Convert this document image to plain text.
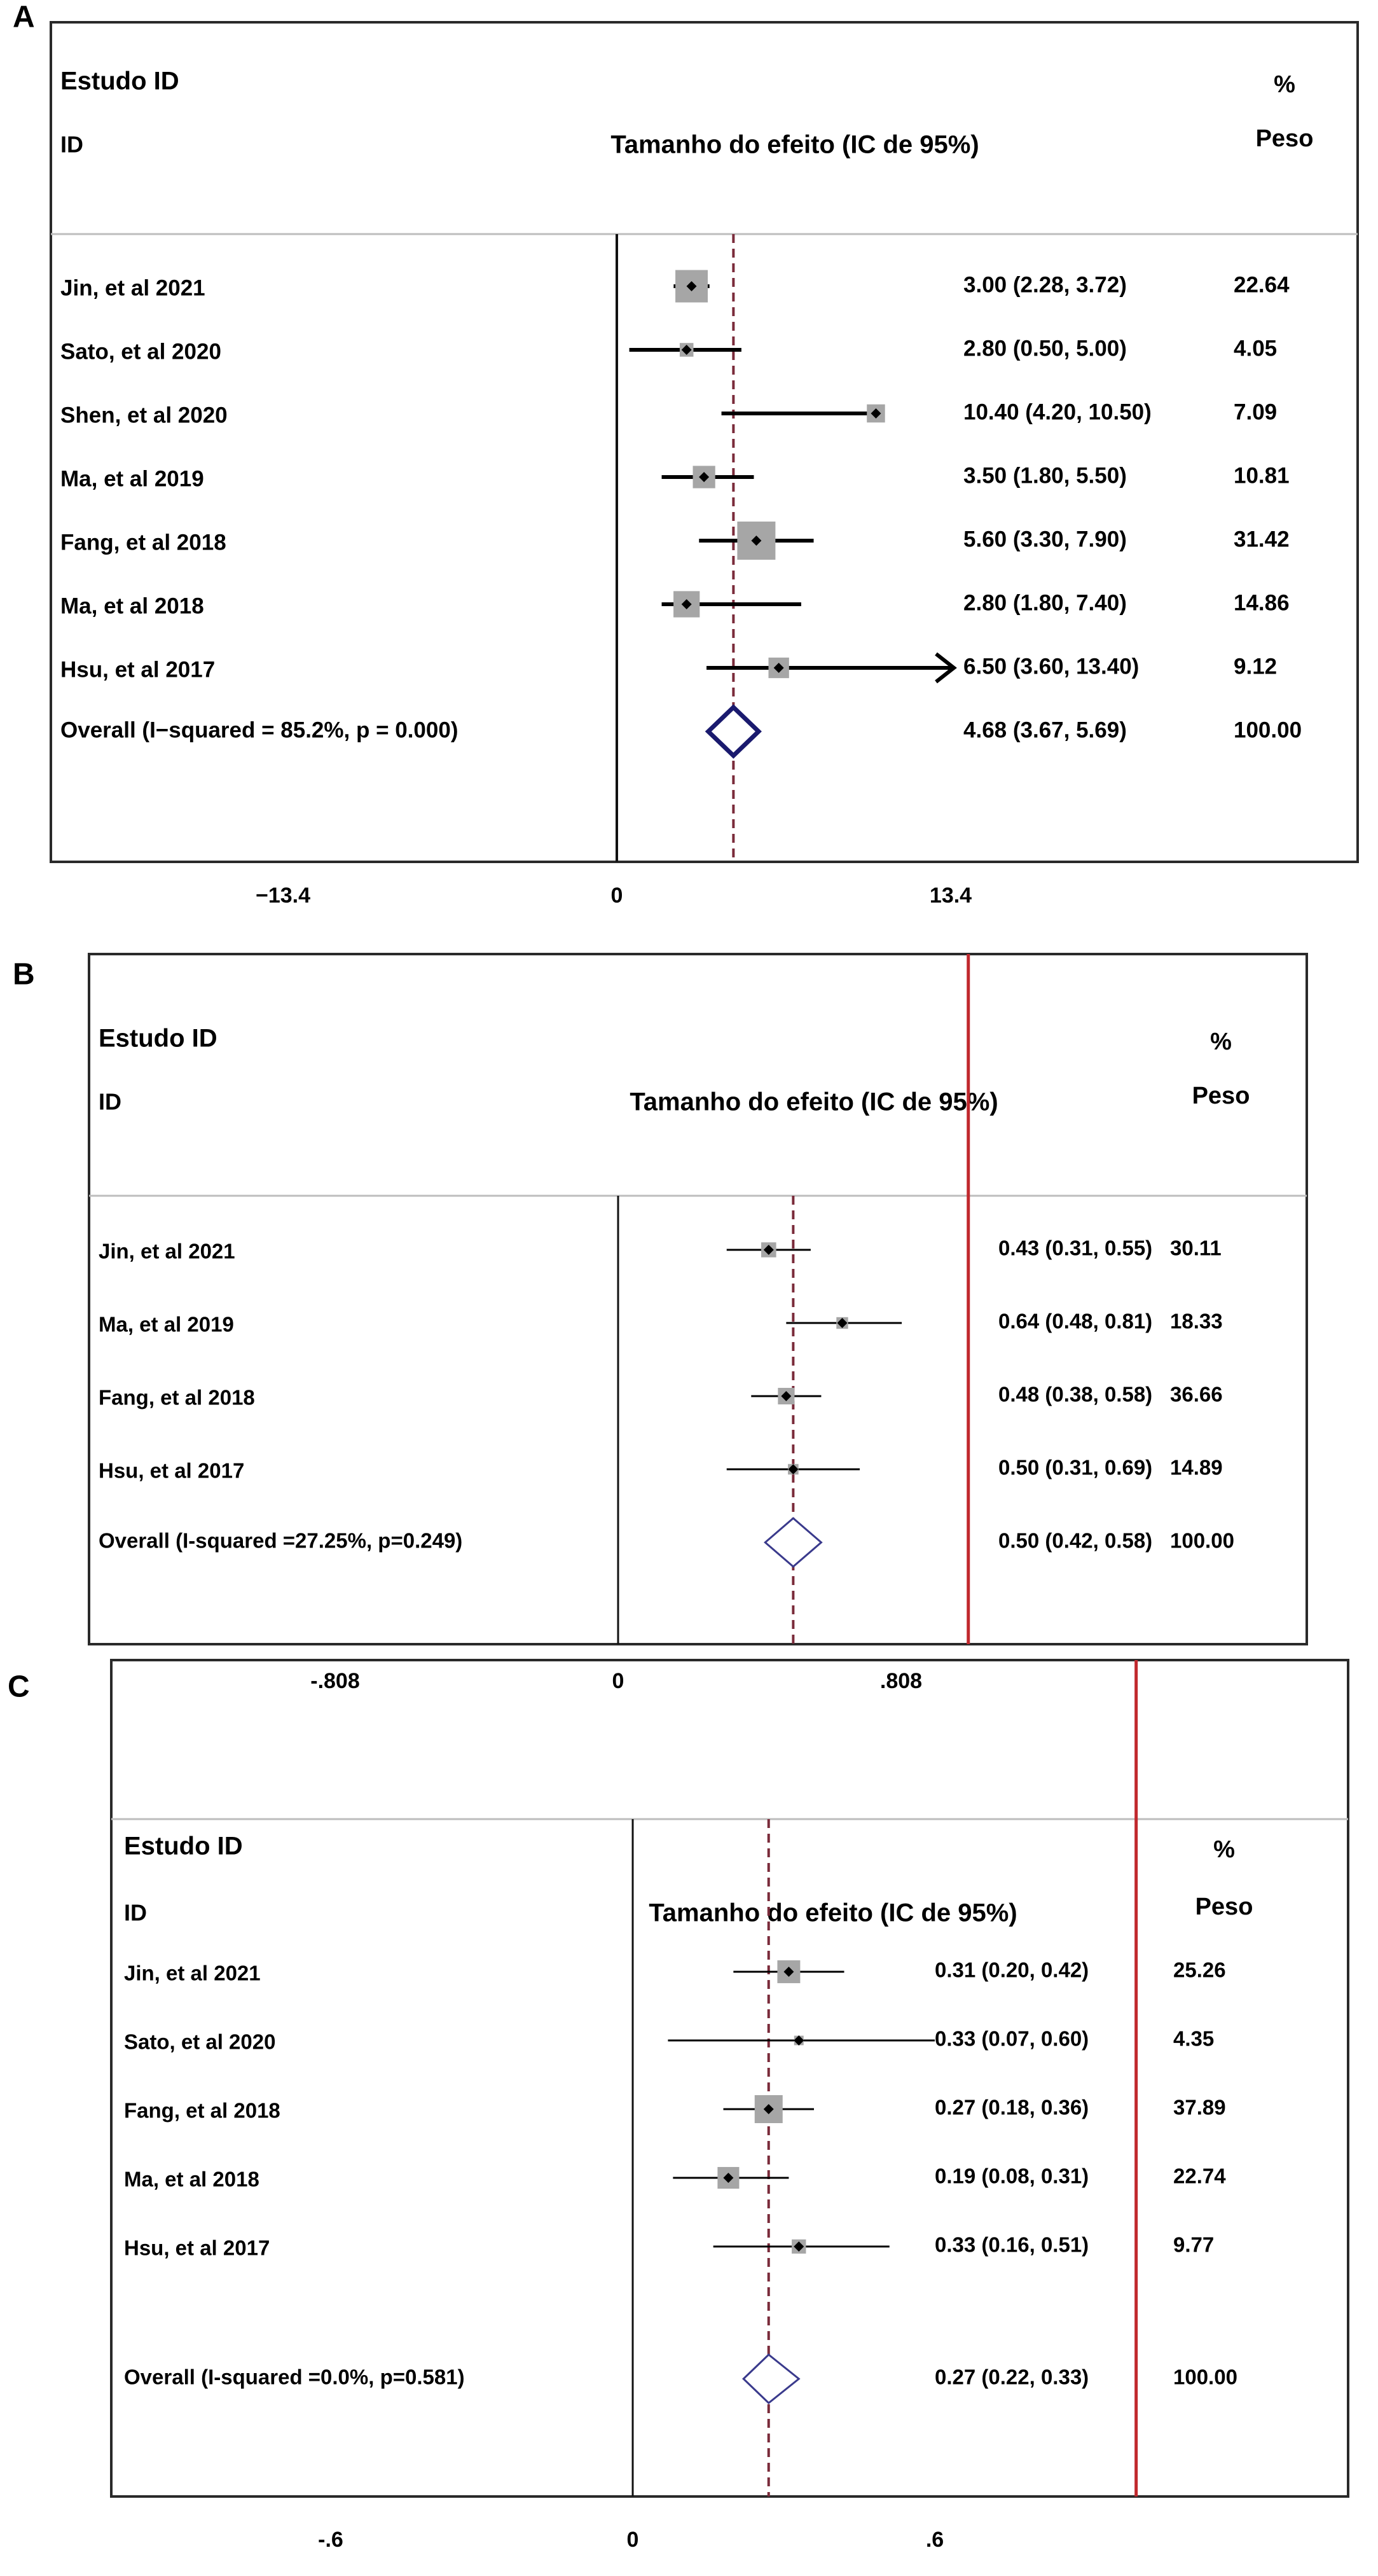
A
Estudo ID
ID	Tamanho do efeito (IC de 95%)
%
Peso
Jin, et al 2021	3.00 (2.28, 3.72)	22.64
Sato, et al 2020	2.80 (0.50, 5.00)	4.05
Shen, et al 2020	10.40 (4.20, 10.50)	7.09
Ma, et al 2019	3.50 (1.80, 5.50)	10.81
Fang, et al 2018	5.60 (3.30, 7.90)	31.42
Ma, et al 2018	2.80 (1.80, 7.40)	14.86
Hsu, et al 2017	6.50 (3.60, 13.40)	9.12
Overall (I−squared = 85.2%, p = 0.000)	4.68 (3.67, 5.69)	100.00
−13.4	0	13.4
B
Estudo ID
ID	Tamanho do efeito (IC de 95%)
%
Peso
Jin, et al 2021	0.43 (0.31, 0.55) 30.11
Ma, et al 2019	0.64 (0.48, 0.81) 18.33
Fang, et al 2018	0.48 (0.38, 0.58) 36.66
Hsu, et al 2017	0.50 (0.31, 0.69) 14.89
Overall (I-squared =27.25%, p=0.249)	0.50 (0.42, 0.58) 100.00
-.808	0	.808
C
Estudo ID
ID	Tamanho do efeito (IC de 95%)
%
Peso
Jin, et al 2021	0.31 (0.20, 0.42)	25.26
Sato, et al 2020	0.33 (0.07, 0.60)	4.35
Fang, et al 2018	0.27 (0.18, 0.36)	37.89
Ma, et al 2018	0.19 (0.08, 0.31)	22.74
Hsu, et al 2017	0.33 (0.16, 0.51)	9.77
Overall (I-squared =0.0%, p=0.581)	0.27 (0.22, 0.33)	100.00
-.6	0	.6
